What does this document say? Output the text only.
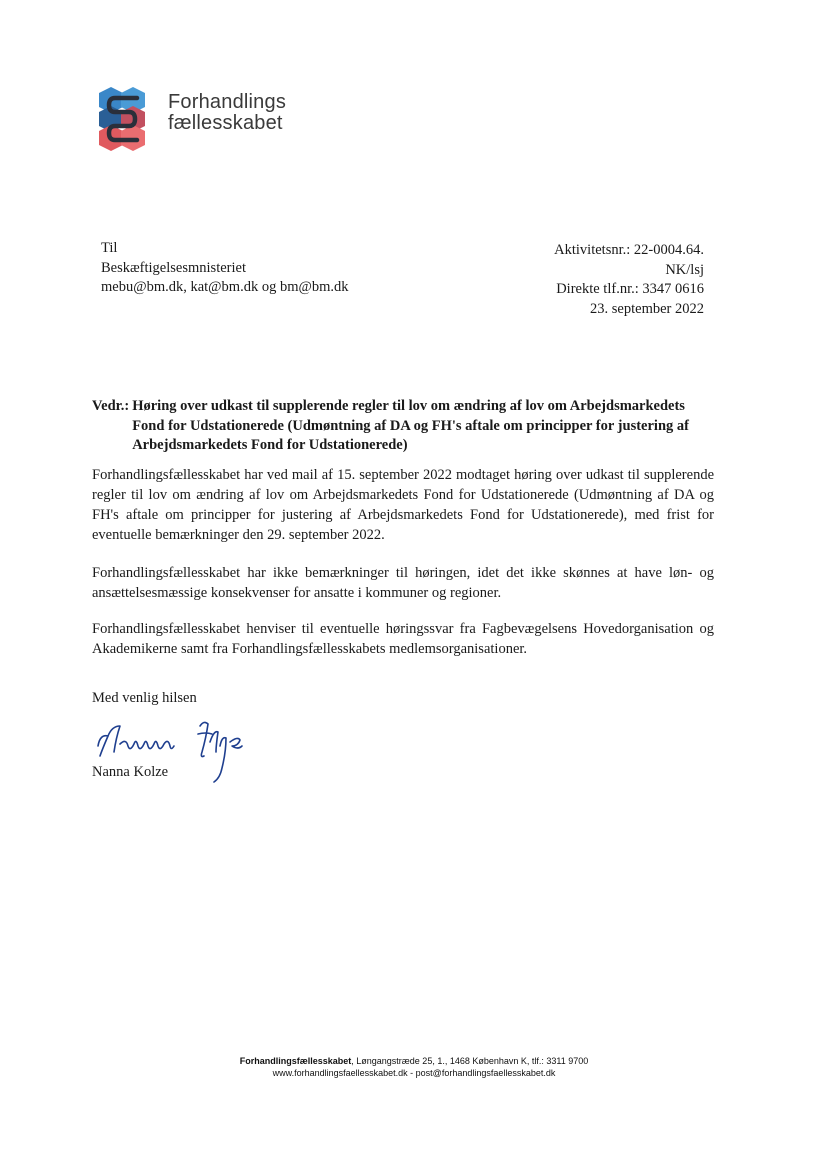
Forhandlings
fællesskabet
Til
Beskæftigelsesmnisteriet
mebu@bm.dk, kat@bm.dk og bm@bm.dk
Aktivitetsnr.: 22-0004.64.
NK/lsj
Direkte tlf.nr.: 3347 0616
23. september 2022
Vedr.: Høring over udkast til supplerende regler til lov om ændring af lov om Arbejdsmarkedets Fond for Udstationerede (Udmøntning af DA og FH's aftale om principper for justering af Arbejdsmarkedets Fond for Udstationerede)
Forhandlingsfællesskabet har ved mail af 15. september 2022 modtaget høring over udkast til supplerende regler til lov om ændring af lov om Arbejdsmarkedets Fond for Udstationerede (Udmøntning af DA og FH's aftale om principper for justering af Arbejdsmarkedets Fond for Udstationerede), med frist for eventuelle bemærkninger den 29. september 2022.
Forhandlingsfællesskabet har ikke bemærkninger til høringen, idet det ikke skønnes at have løn- og ansættelsesmæssige konsekvenser for ansatte i kommuner og regioner.
Forhandlingsfællesskabet henviser til eventuelle høringssvar fra Fagbevægelsens Hovedorganisation og Akademikerne samt fra Forhandlingsfællesskabets medlemsorganisationer.
Med venlig hilsen
Nanna Kolze
Forhandlingsfællesskabet, Løngangstræde 25, 1., 1468 København K, tlf.: 3311 9700
www.forhandlingsfaellesskabet.dk - post@forhandlingsfaellesskabet.dk
